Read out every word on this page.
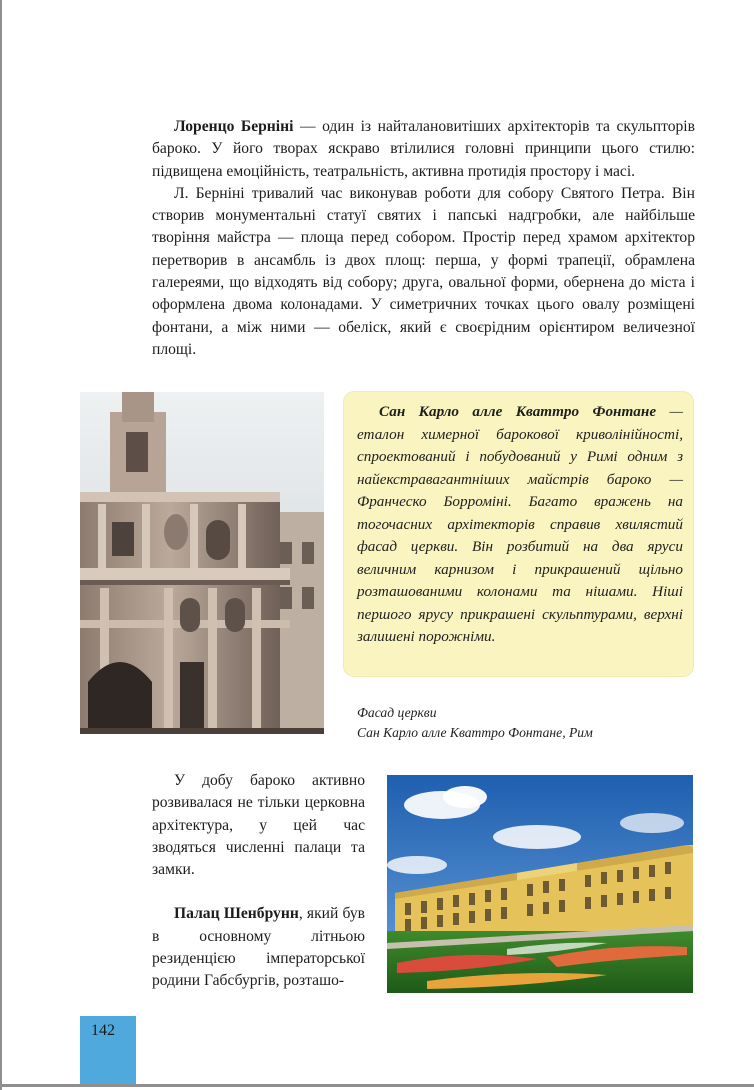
Лоренцо Берніні — один із найталановитіших архітекторів та скульпторів бароко. У його творах яскраво втілилися головні принципи цього стилю: підвищена емоційність, театральність, активна протидія простору і масі.

Л. Берніні тривалий час виконував роботи для собору Святого Петра. Він створив монументальні статуї святих і папські надгробки, але найбільше творіння майстра — площа перед собором. Простір перед храмом архітектор перетворив в ансамбль із двох площ: перша, у формі трапеції, обрамлена галереями, що відходять від собору; друга, овальної форми, обернена до міста і оформлена двома колонадами. У симетричних точках цього овалу розміщені фонтани, а між ними — обеліск, який є своєрідним орієнтиром величезної площі.

Сан Карло алле Кваттро Фонтане — еталон химерної барокової криволінійності, спроектований і побудований у Римі одним з найекстравагантніших майстрів бароко — Франческо Борроміні. Багато вражень на тогочасних архітекторів справив хвилястий фасад церкви. Він розбитий на два яруси величним карнизом і прикрашений щільно розташованими колонами та нішами. Ніші першого ярусу прикрашені скульптурами, верхні залишені порожніми.

Фасад церкви
Сан Карло алле Кваттро Фонтане, Рим

У добу бароко активно розвивалася не тільки церковна архітектура, у цей час зводяться численні палаци та замки.

Палац Шенбрунн, який був в основному літньою резиденцією імператорської родини Габсбургів, розташо-

142
